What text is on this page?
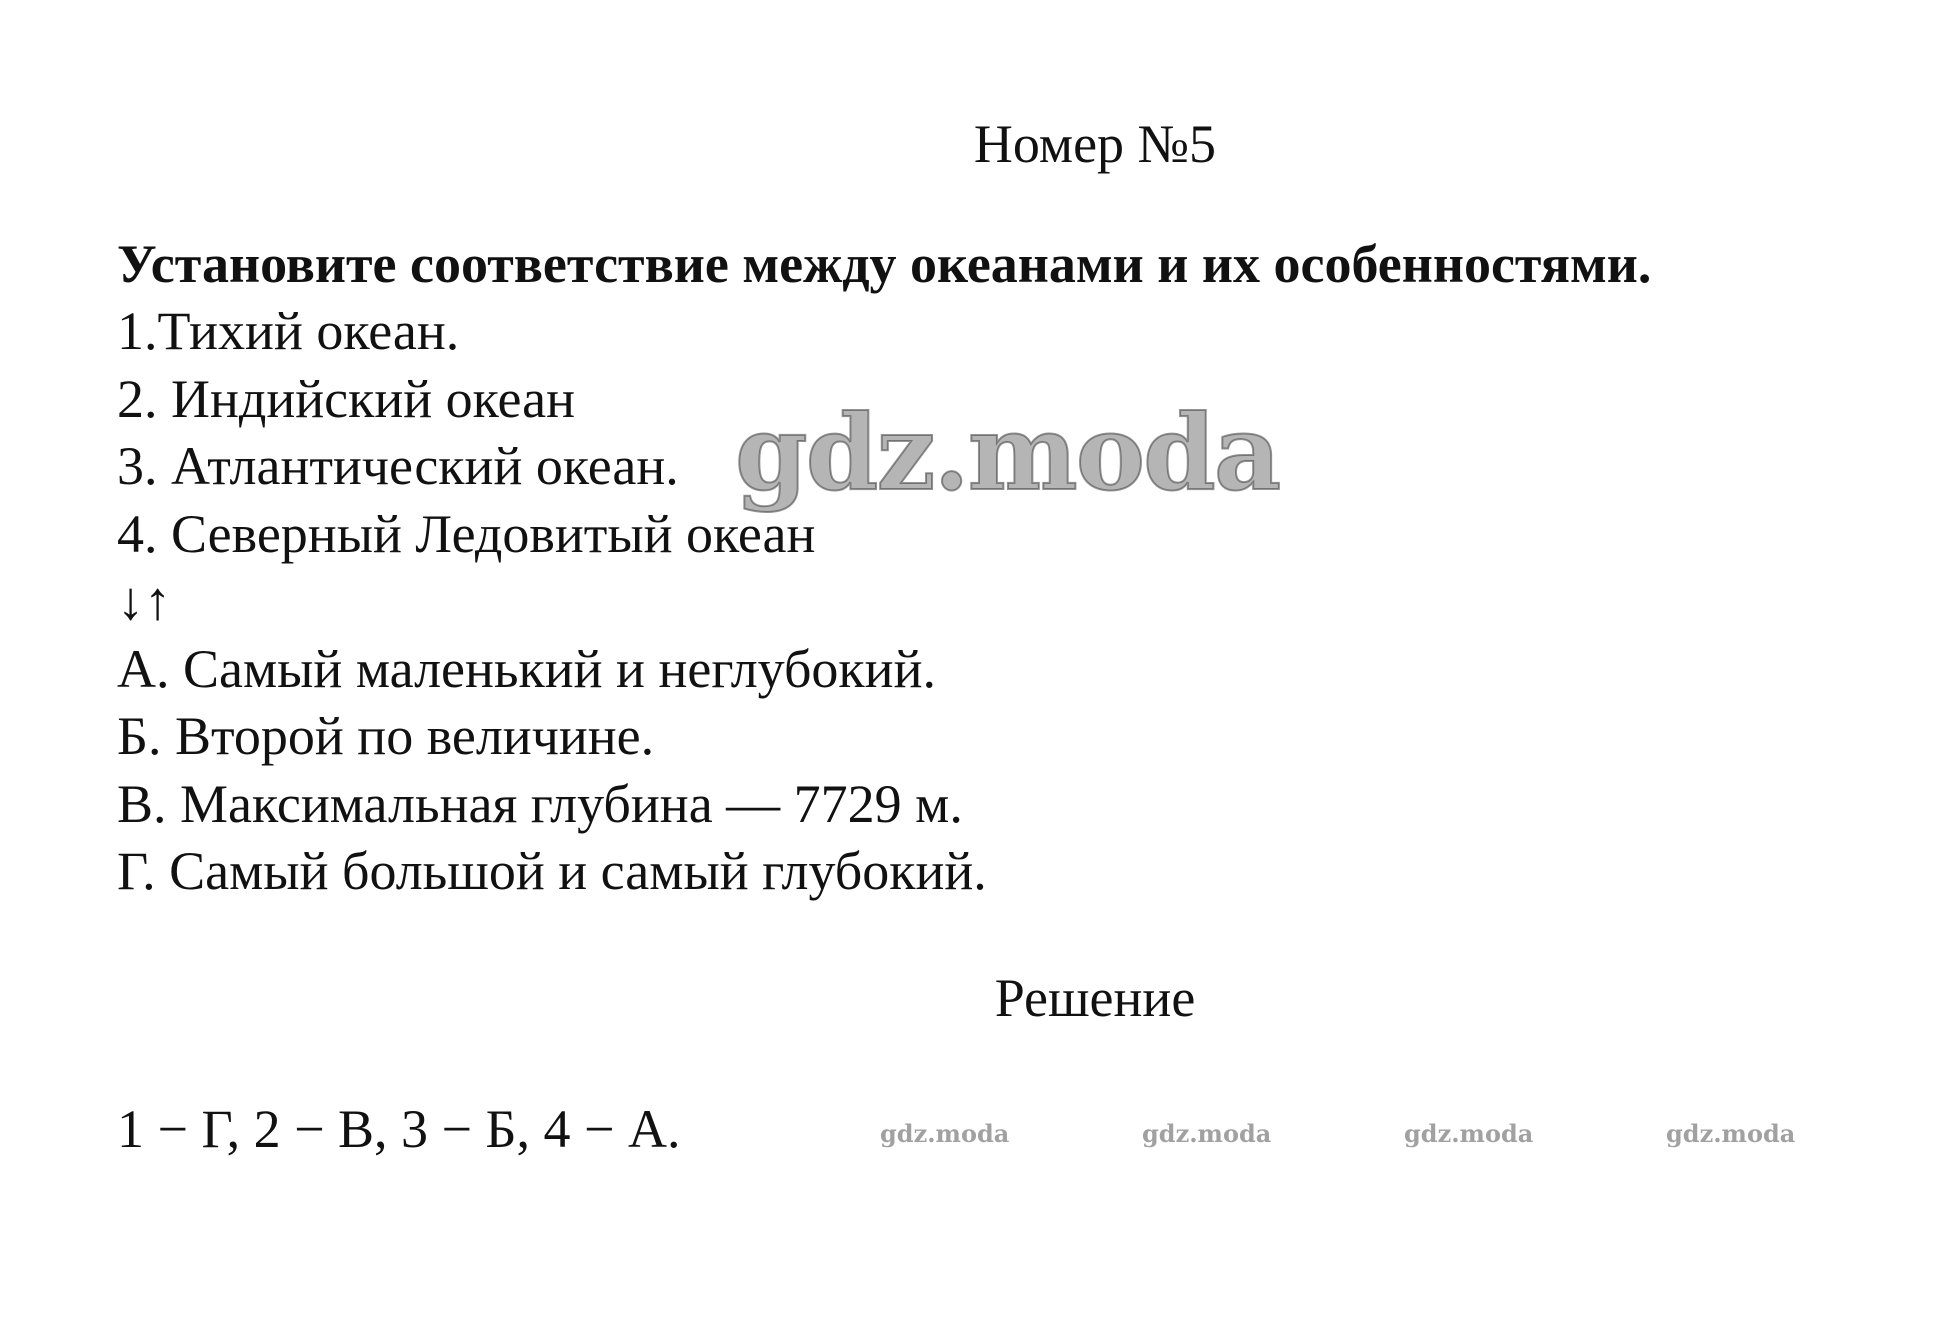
Номер №5

Установите соответствие между океанами и их особенностями.

1.Тихий океан.

2. Индийский океан

3. Атлантический океан.

4. Северный Ледовитый океан

↓↑

А. Самый маленький и неглубокий.

Б. Второй по величине.

В. Максимальная глубина — 7729 м.

Г. Самый большой и самый глубокий.

Решение
1 − Г, 2 − В, 3 − Б, 4 − А.
gdz.moda
gdz.moda	gdz.moda	gdz.moda	gdz.moda
